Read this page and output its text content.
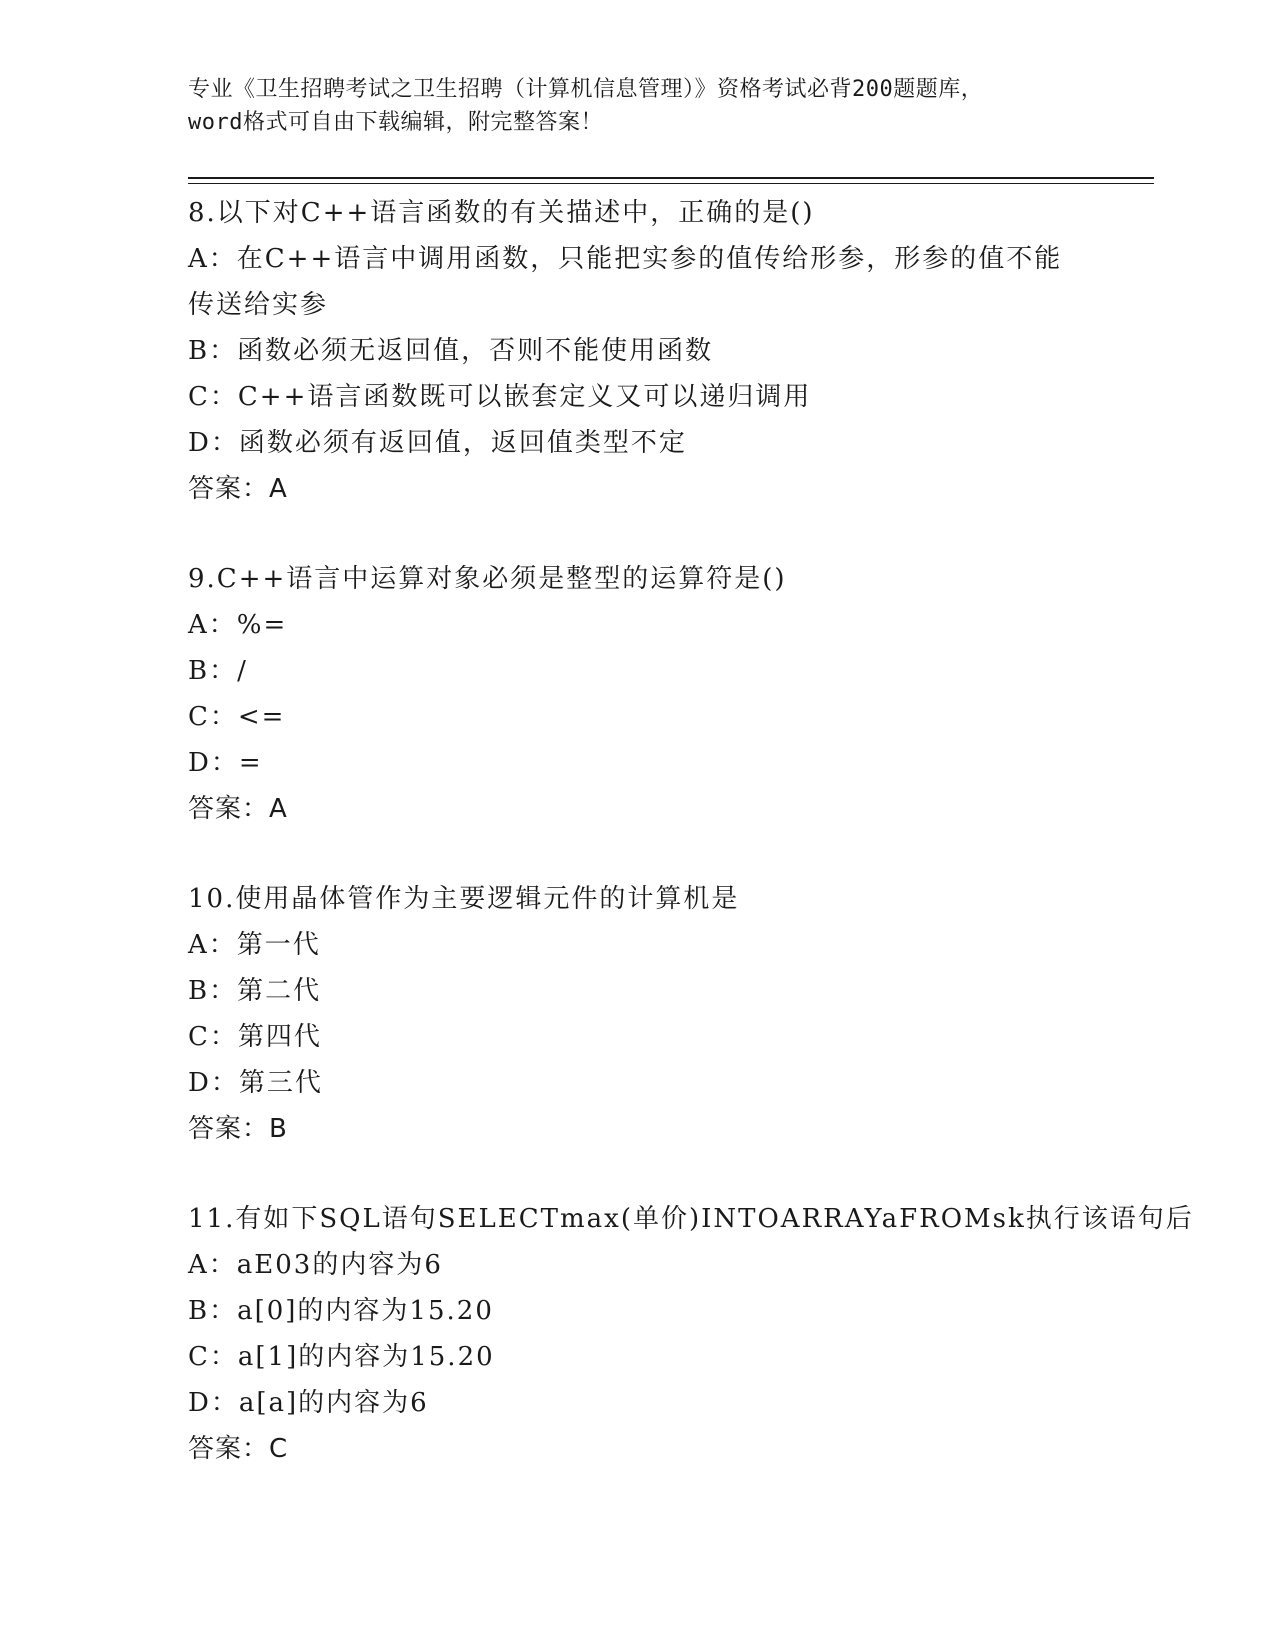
专业《卫生招聘考试之卫生招聘（计算机信息管理）》资格考试必背200题题库，
word格式可自由下载编辑，附完整答案！
8.以下对C++语言函数的有关描述中，正确的是()
A：在C++语言中调用函数，只能把实参的值传给形参，形参的值不能传送给实参
B：函数必须无返回值，否则不能使用函数
C：C++语言函数既可以嵌套定义又可以递归调用
D：函数必须有返回值，返回值类型不定
答案：A
9.C++语言中运算对象必须是整型的运算符是()
A：%=
B：/
C：<=
D：=
答案：A
10.使用晶体管作为主要逻辑元件的计算机是
A：第一代
B：第二代
C：第四代
D：第三代
答案：B
11.有如下SQL语句SELECTmax(单价)INTOARRAYaFROMsk执行该语句后
A：aE03的内容为6
B：a[0]的内容为15.20
C：a[1]的内容为15.20
D：a[a]的内容为6
答案：C
